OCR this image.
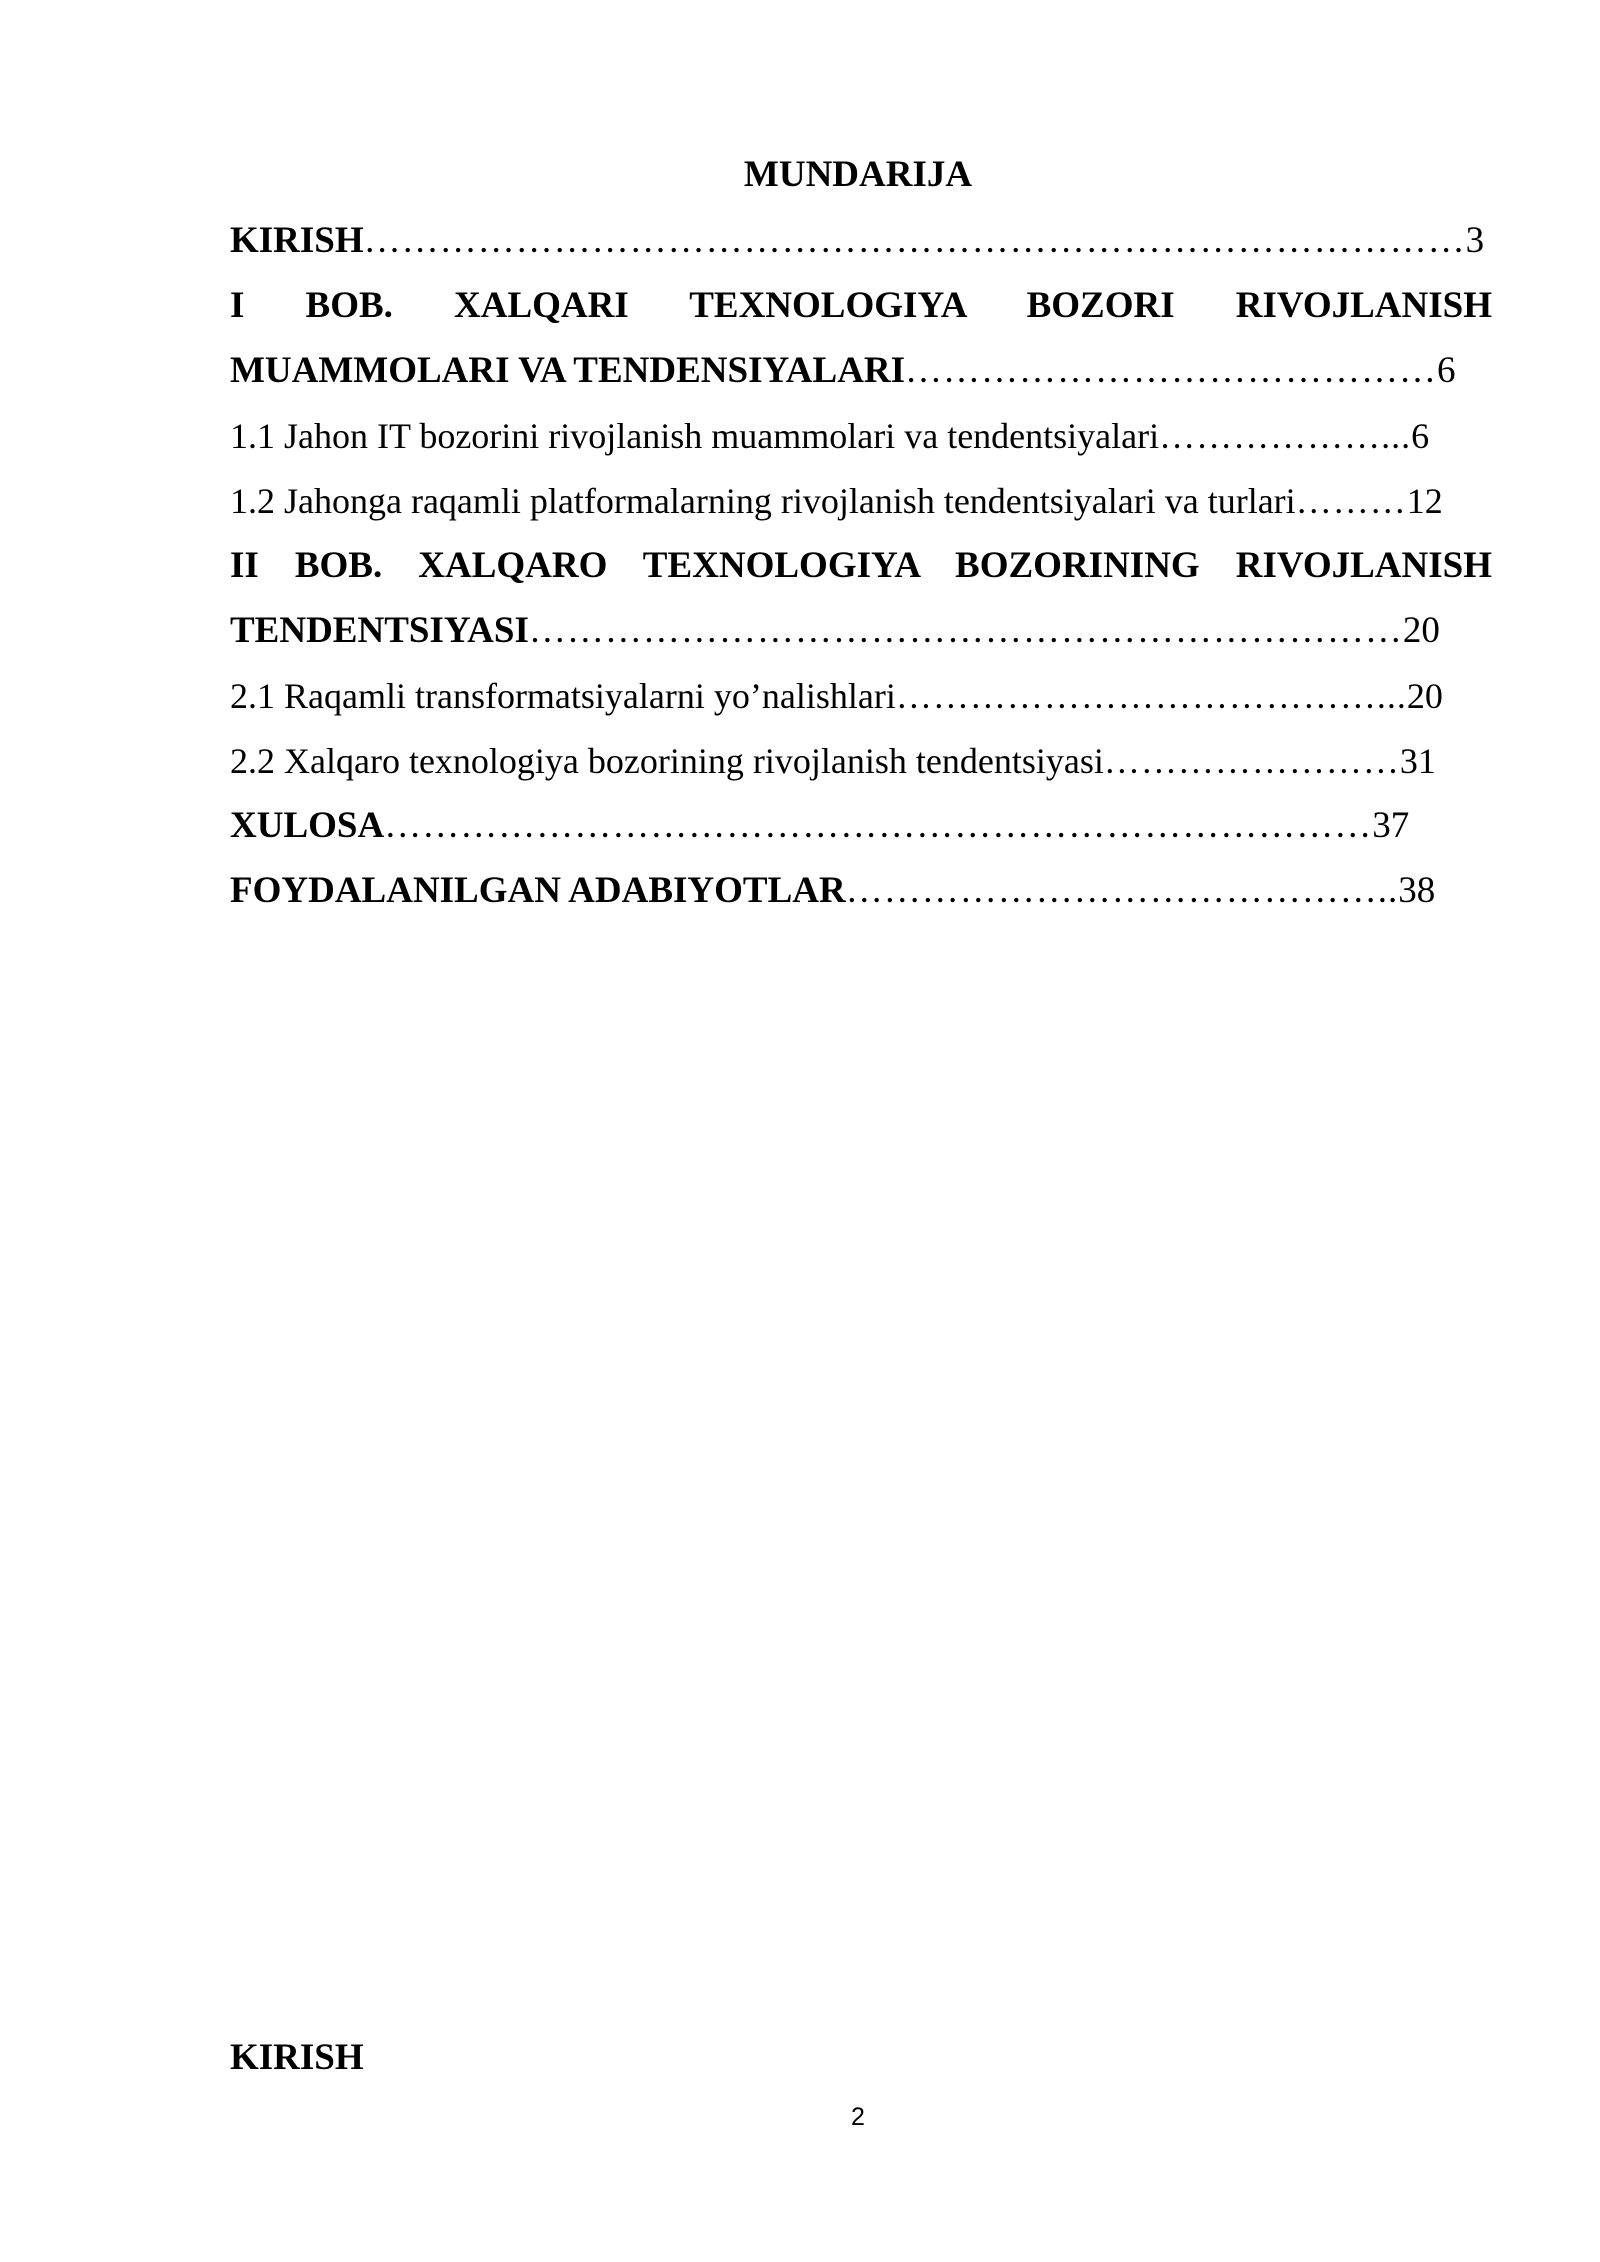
MUNDARIJA
KIRISH……………………………………………………………………………3
I BOB. XALQARI TEXNOLOGIYA BOZORI RIVOJLANISH
MUAMMOLARI VA TENDENSIYALARI……………………………………6
1.1 Jahon IT bozorini rivojlanish muammolari va tendentsiyalari………………...6
1.2 Jahonga raqamli platformalarning rivojlanish tendentsiyalari va turlari………12
II BOB. XALQARO TEXNOLOGIYA BOZORINING RIVOJLANISH
TENDENTSIYASI……………………………………………………………20
2.1 Raqamli transformatsiyalarni yo’nalishlari…………………………………...20
2.2 Xalqaro texnologiya bozorining rivojlanish tendentsiyasi……………………31
XULOSA……………………………………………………………………37
FOYDALANILGAN ADABIYOTLAR……………………………………..38
KIRISH
2
